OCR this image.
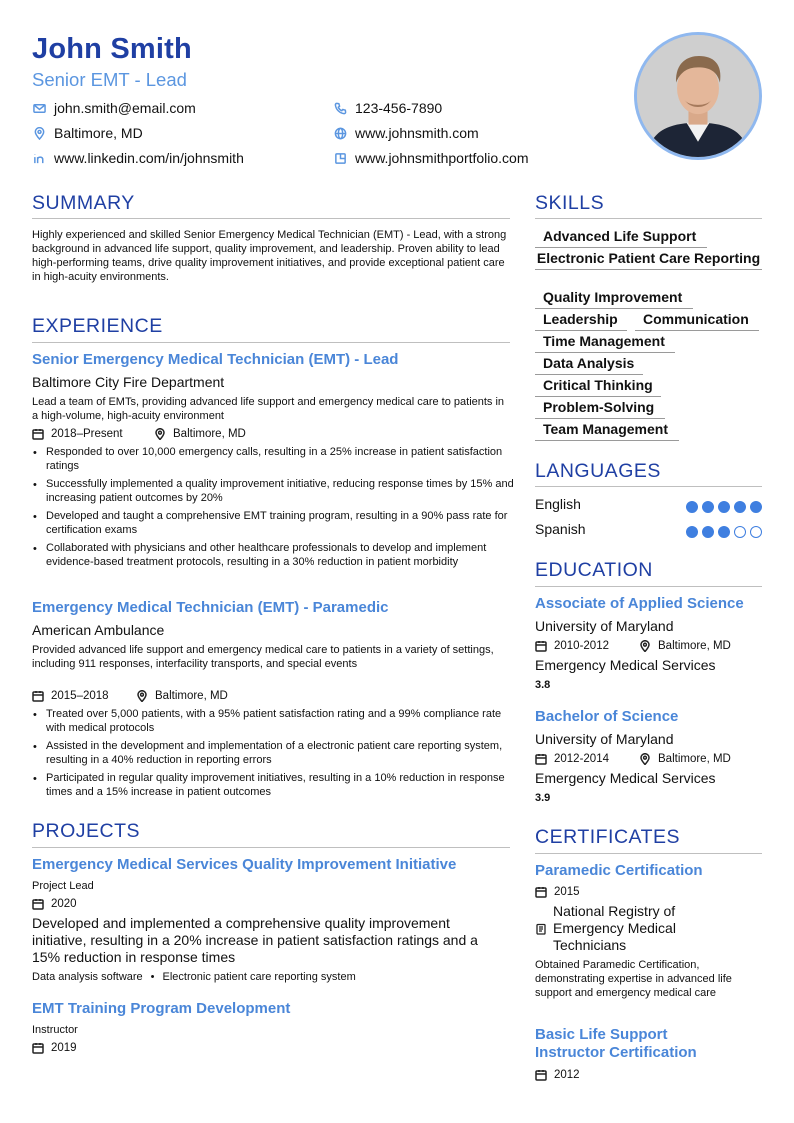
John Smith
Senior EMT - Lead
john.smith@email.com
Baltimore, MD
www.linkedin.com/in/johnsmith
123-456-7890
www.johnsmith.com
www.johnsmithportfolio.com
SUMMARY
Highly experienced and skilled Senior Emergency Medical Technician (EMT) - Lead, with a strong background in advanced life support, quality improvement, and leadership. Proven ability to lead high-performing teams, drive quality improvement initiatives, and provide exceptional patient care in high-acuity environments.
EXPERIENCE
Senior Emergency Medical Technician (EMT) - Lead
Baltimore City Fire Department
Lead a team of EMTs, providing advanced life support and emergency medical care to patients in a high-volume, high-acuity environment
2018–Present	Baltimore, MD
• Responded to over 10,000 emergency calls, resulting in a 25% increase in patient satisfaction ratings
• Successfully implemented a quality improvement initiative, reducing response times by 15% and increasing patient outcomes by 20%
• Developed and taught a comprehensive EMT training program, resulting in a 90% pass rate for certification exams
• Collaborated with physicians and other healthcare professionals to develop and implement evidence-based treatment protocols, resulting in a 30% reduction in patient morbidity
Emergency Medical Technician (EMT) - Paramedic
American Ambulance
Provided advanced life support and emergency medical care to patients in a variety of settings, including 911 responses, interfacility transports, and special events
2015–2018	Baltimore, MD
• Treated over 5,000 patients, with a 95% patient satisfaction rating and a 99% compliance rate with medical protocols
• Assisted in the development and implementation of a electronic patient care reporting system, resulting in a 40% reduction in reporting errors
• Participated in regular quality improvement initiatives, resulting in a 10% reduction in response times and a 15% increase in patient outcomes
PROJECTS
Emergency Medical Services Quality Improvement Initiative
Project Lead
2020
Developed and implemented a comprehensive quality improvement initiative, resulting in a 20% increase in patient satisfaction ratings and a 15% reduction in response times
Data analysis software • Electronic patient care reporting system
EMT Training Program Development
Instructor
2019
SKILLS
Advanced Life Support
Electronic Patient Care Reporting
Quality Improvement
Leadership	Communication
Time Management
Data Analysis
Critical Thinking
Problem-Solving
Team Management
LANGUAGES
English
Spanish
EDUCATION
Associate of Applied Science
University of Maryland
2010-2012	Baltimore, MD
Emergency Medical Services
3.8
Bachelor of Science
University of Maryland
2012-2014	Baltimore, MD
Emergency Medical Services
3.9
CERTIFICATES
Paramedic Certification
2015
National Registry of Emergency Medical Technicians
Obtained Paramedic Certification, demonstrating expertise in advanced life support and emergency medical care
Basic Life Support Instructor Certification
2012
